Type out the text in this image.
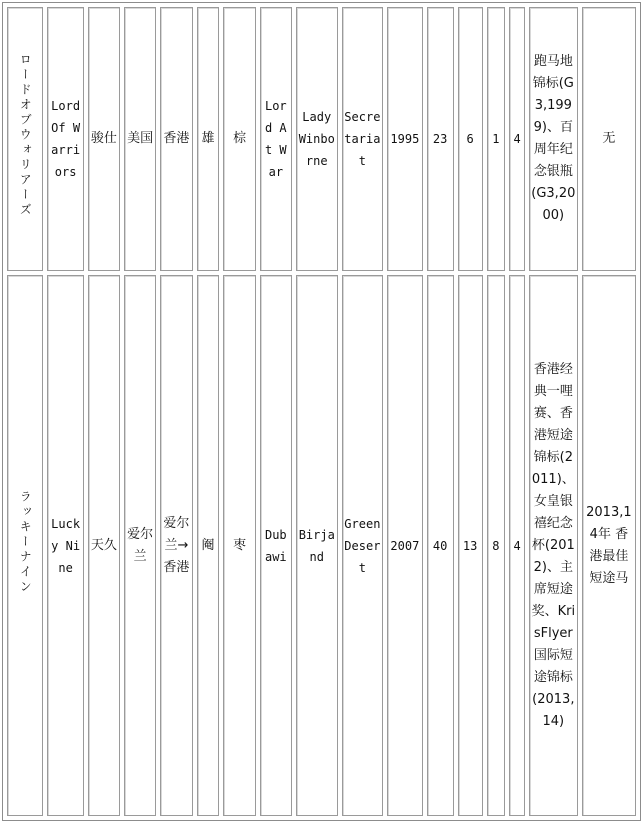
ロードオブウォリアーズ	Lord Of Warriors	骏仕	美国	香港	雄	棕	Lord At War	Lady Winborne	Secretariat	1995	23	6	1	4	跑马地锦标(G3,1999)、百周年纪念银瓶(G3,2000)	无
ラッキーナイン	Lucky Nine	天久	爱尔兰	爱尔兰→香港	阉	枣	Dubawi	Birjand	Green Desert	2007	40	13	8	4	香港经典一哩赛、香港短途锦标(2011)、女皇银禧纪念杯(2012)、主席短途奖、KrisFlyer国际短途锦标(2013,14)	2013,14年 香港最佳短途马
